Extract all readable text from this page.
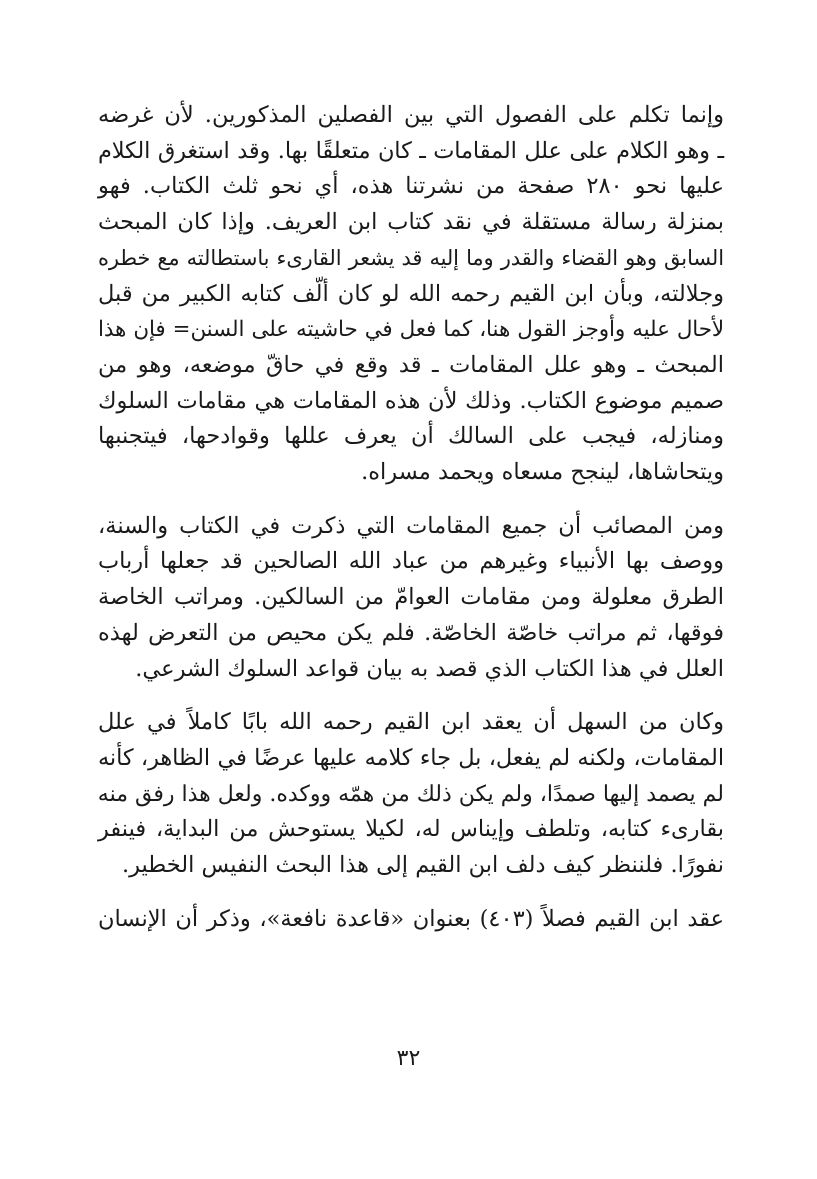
وإنما تكلم على الفصول التي بين الفصلين المذكورين. لأن غرضه
ـ وهو الكلام على علل المقامات ـ كان متعلقًا بها. وقد استغرق الكلام
عليها نحو ٢٨٠ صفحة من نشرتنا هذه، أي نحو ثلث الكتاب. فهو
بمنزلة رسالة مستقلة في نقد كتاب ابن العريف. وإذا كان المبحث
السابق وهو القضاء والقدر وما إليه قد يشعر القارىء باستطالته مع خطره
وجلالته، وبأن ابن القيم رحمه الله لو كان ألّف كتابه الكبير من قبل
لأحال عليه وأوجز القول هنا، كما فعل في حاشيته على السنن= فإن هذا
المبحث ـ وهو علل المقامات ـ قد وقع في حاقّ موضعه، وهو من
صميم موضوع الكتاب. وذلك لأن هذه المقامات هي مقامات السلوك
ومنازله، فيجب على السالك أن يعرف عللها وقوادحها، فيتجنبها
ويتحاشاها، لينجح مسعاه ويحمد مسراه.

ومن المصائب أن جميع المقامات التي ذكرت في الكتاب والسنة،
ووصف بها الأنبياء وغيرهم من عباد الله الصالحين قد جعلها أرباب
الطرق معلولة ومن مقامات العوامّ من السالكين. ومراتب الخاصة
فوقها، ثم مراتب خاصّة الخاصّة. فلم يكن محيص من التعرض لهذه
العلل في هذا الكتاب الذي قصد به بيان قواعد السلوك الشرعي.

وكان من السهل أن يعقد ابن القيم رحمه الله بابًا كاملاً في علل
المقامات، ولكنه لم يفعل، بل جاء كلامه عليها عرضًا في الظاهر، كأنه
لم يصمد إليها صمدًا، ولم يكن ذلك من همّه ووكده. ولعل هذا رفق منه
بقارىء كتابه، وتلطف وإيناس له، لكيلا يستوحش من البداية، فينفر
نفورًا. فلننظر كيف دلف ابن القيم إلى هذا البحث النفيس الخطير.

عقد ابن القيم فصلاً (٤٠٣) بعنوان «قاعدة نافعة»، وذكر أن الإنسان

٣٢
